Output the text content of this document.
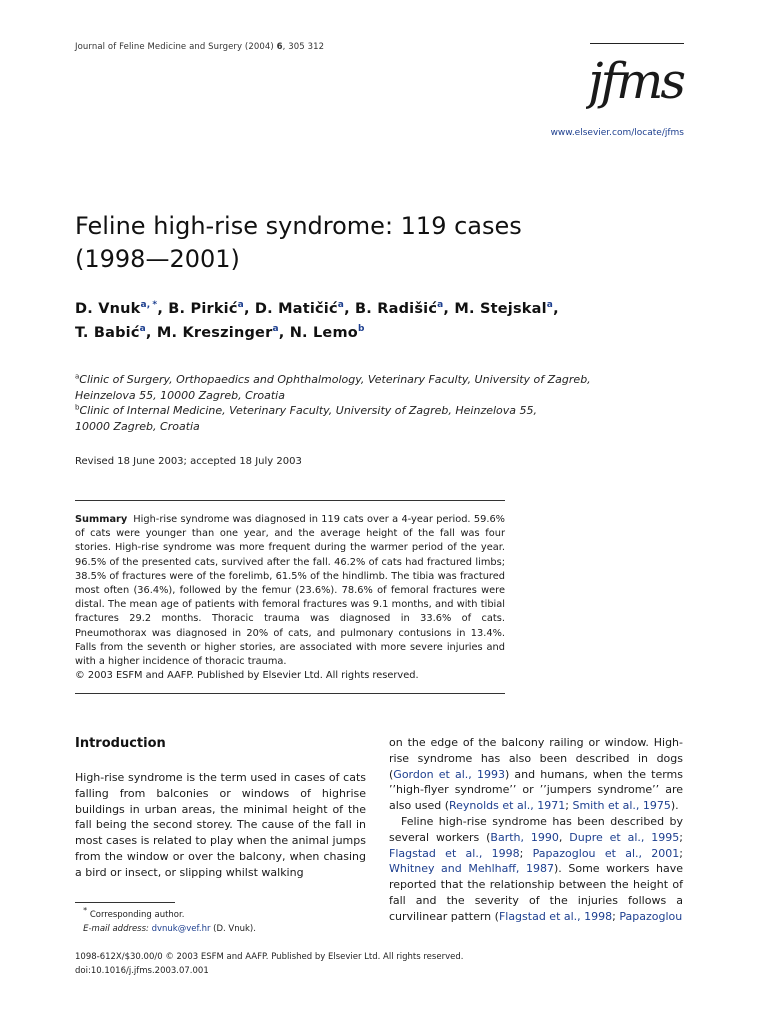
Journal of Feline Medicine and Surgery (2004) 6, 305 312
jfms
www.elsevier.com/locate/jfms
Feline high-rise syndrome: 119 cases
(1998—2001)
D. Vnuk$^{a, *}$, B. Pirkić$^a$, D. Matičić$^a$, B. Radišić$^a$, M. Stejskal$^a$,
T. Babić$^a$, M. Kreszinger$^a$, N. Lemo$^b$
$^a$Clinic of Surgery, Orthopaedics and Ophthalmology, Veterinary Faculty, University of Zagreb,
Heinzelova 55, 10000 Zagreb, Croatia
$^b$Clinic of Internal Medicine, Veterinary Faculty, University of Zagreb, Heinzelova 55,
10000 Zagreb, Croatia
Revised 18 June 2003; accepted 18 July 2003
Summary High-rise syndrome was diagnosed in 119 cats over a 4-year period. 59.6% of cats were younger than one year, and the average height of the fall was four stories. High-rise syndrome was more frequent during the warmer period of the year. 96.5% of the presented cats, survived after the fall. 46.2% of cats had fractured limbs; 38.5% of fractures were of the forelimb, 61.5% of the hindlimb. The tibia was fractured most often (36.4%), followed by the femur (23.6%). 78.6% of femoral fractures were distal. The mean age of patients with femoral fractures was 9.1 months, and with tibial fractures 29.2 months. Thoracic trauma was diagnosed in 33.6% of cats. Pneumothorax was diagnosed in 20% of cats, and pulmonary contusions in 13.4%. Falls from the seventh or higher stories, are associated with more severe injuries and with a higher incidence of thoracic trauma.
© 2003 ESFM and AAFP. Published by Elsevier Ltd. All rights reserved.
Introduction
High-rise syndrome is the term used in cases of cats falling from balconies or windows of highrise buildings in urban areas, the minimal height of the fall being the second storey. The cause of the fall in most cases is related to play when the animal jumps from the window or over the balcony, when chasing a bird or insect, or slipping whilst walking

on the edge of the balcony railing or window. High-rise syndrome has also been described in dogs (Gordon et al., 1993) and humans, when the terms ’’high-flyer syndrome’’ or ’’jumpers syndrome’’ are also used (Reynolds et al., 1971; Smith et al., 1975).

Feline high-rise syndrome has been described by several workers (Barth, 1990, Dupre et al., 1995; Flagstad et al., 1998; Papazoglou et al., 2001; Whitney and Mehlhaff, 1987). Some workers have reported that the relationship between the height of fall and the severity of the injuries follows a curvilinear pattern (Flagstad et al., 1998; Papazoglou

* Corresponding author.
E-mail address: dvnuk@vef.hr (D. Vnuk).
1098-612X/$30.00/0 © 2003 ESFM and AAFP. Published by Elsevier Ltd. All rights reserved.
doi:10.1016/j.jfms.2003.07.001
